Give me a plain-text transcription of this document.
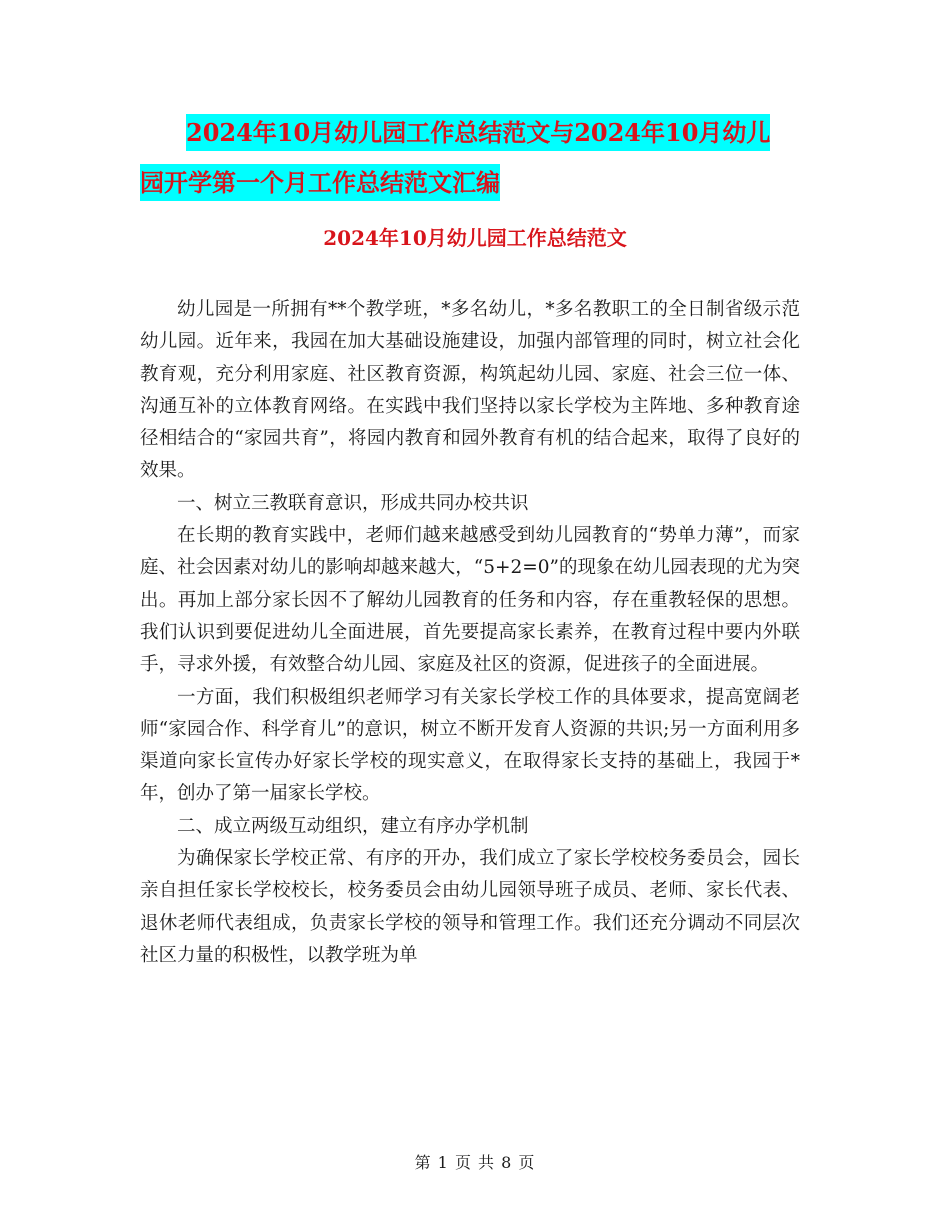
2024年10月幼儿园工作总结范文与2024年10月幼儿
园开学第一个月工作总结范文汇编
2024年10月幼儿园工作总结范文

幼儿园是一所拥有**个教学班，*多名幼儿，*多名教职工的全日制省级示范幼儿园。近年来，我园在加大基础设施建设，加强内部管理的同时，树立社会化教育观，充分利用家庭、社区教育资源，构筑起幼儿园、家庭、社会三位一体、沟通互补的立体教育网络。在实践中我们坚持以家长学校为主阵地、多种教育途径相结合的“家园共育”，将园内教育和园外教育有机的结合起来，取得了良好的效果。

一、树立三教联育意识，形成共同办校共识

在长期的教育实践中，老师们越来越感受到幼儿园教育的“势单力薄”，而家庭、社会因素对幼儿的影响却越来越大，“5+2=0”的现象在幼儿园表现的尤为突出。再加上部分家长因不了解幼儿园教育的任务和内容，存在重教轻保的思想。我们认识到要促进幼儿全面进展，首先要提高家长素养，在教育过程中要内外联手，寻求外援，有效整合幼儿园、家庭及社区的资源，促进孩子的全面进展。

一方面，我们积极组织老师学习有关家长学校工作的具体要求，提高宽阔老师“家园合作、科学育儿”的意识，树立不断开发育人资源的共识;另一方面利用多渠道向家长宣传办好家长学校的现实意义，在取得家长支持的基础上，我园于*年，创办了第一届家长学校。

二、成立两级互动组织，建立有序办学机制

为确保家长学校正常、有序的开办，我们成立了家长学校校务委员会，园长亲自担任家长学校校长，校务委员会由幼儿园领导班子成员、老师、家长代表、退休老师代表组成，负责家长学校的领导和管理工作。我们还充分调动不同层次社区力量的积极性，以教学班为单

第 1 页 共 8 页
